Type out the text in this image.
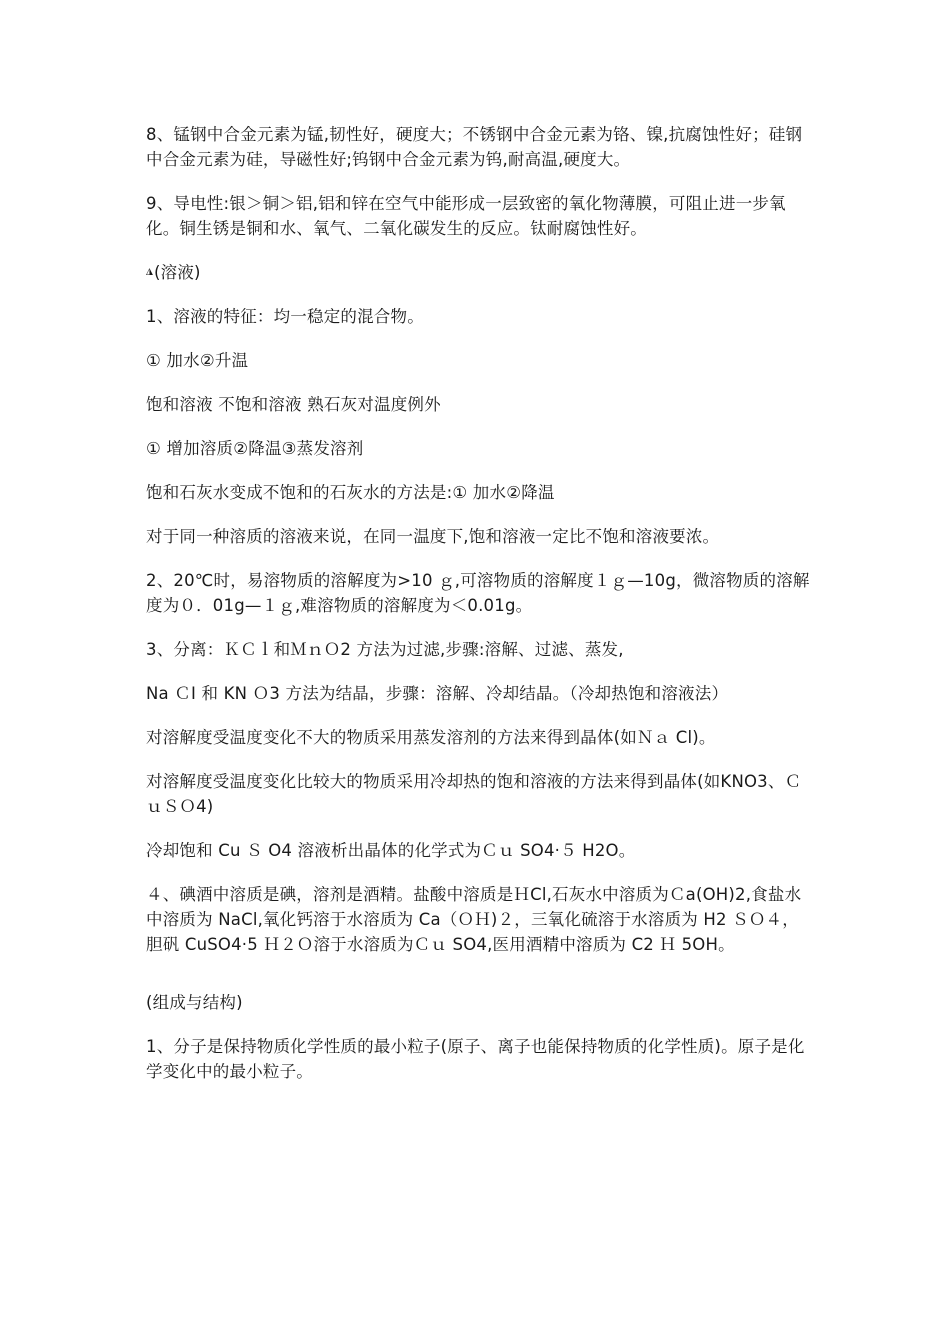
8、锰钢中合金元素为锰,韧性好，硬度大；不锈钢中合金元素为铬、镍,抗腐蚀性好；硅钢中合金元素为硅，导磁性好;钨钢中合金元素为钨,耐高温,硬度大。

9、导电性:银＞铜＞铝,铝和锌在空气中能形成一层致密的氧化物薄膜，可阻止进一步氧化。铜生锈是铜和水、氧气、二氧化碳发生的反应。钛耐腐蚀性好。

◮ (溶液)

1、溶液的特征：均一稳定的混合物。

① 加水②升温

饱和溶液 不饱和溶液 熟石灰对温度例外

① 增加溶质②降温③蒸发溶剂

饱和石灰水变成不饱和的石灰水的方法是:① 加水②降温

对于同一种溶质的溶液来说，在同一温度下,饱和溶液一定比不饱和溶液要浓。

2、20℃时，易溶物质的溶解度为>10 ｇ,可溶物质的溶解度１ｇ—10g，微溶物质的溶解度为０．01g—１ｇ,难溶物质的溶解度为＜0.01g。

3、分离：ＫＣｌ和ＭｎＯ2 方法为过滤,步骤:溶解、过滤、蒸发,

Na ＣI 和 KN Ｏ3 方法为结晶，步骤：溶解、冷却结晶。（冷却热饱和溶液法）

对溶解度受温度变化不大的物质采用蒸发溶剂的方法来得到晶体(如Ｎａ Cl)。

对溶解度受温度变化比较大的物质采用冷却热的饱和溶液的方法来得到晶体(如KNO3、ＣｕＳＯ4)

冷却饱和 Cu Ｓ O4 溶液析出晶体的化学式为Ｃｕ SO4·５ H2O。

４、碘酒中溶质是碘，溶剂是酒精。盐酸中溶质是ＨCl,石灰水中溶质为Ｃa(OH)2,食盐水中溶质为 NaCl,氧化钙溶于水溶质为 Ca（ＯＨ)２，三氧化硫溶于水溶质为 H2 ＳＯ４，胆矾 CuSO4·5 Ｈ２Ｏ溶于水溶质为Ｃｕ SO4,医用酒精中溶质为 C2 Ｈ 5OH。

(组成与结构)

1、分子是保持物质化学性质的最小粒子(原子、离子也能保持物质的化学性质)。原子是化学变化中的最小粒子。
